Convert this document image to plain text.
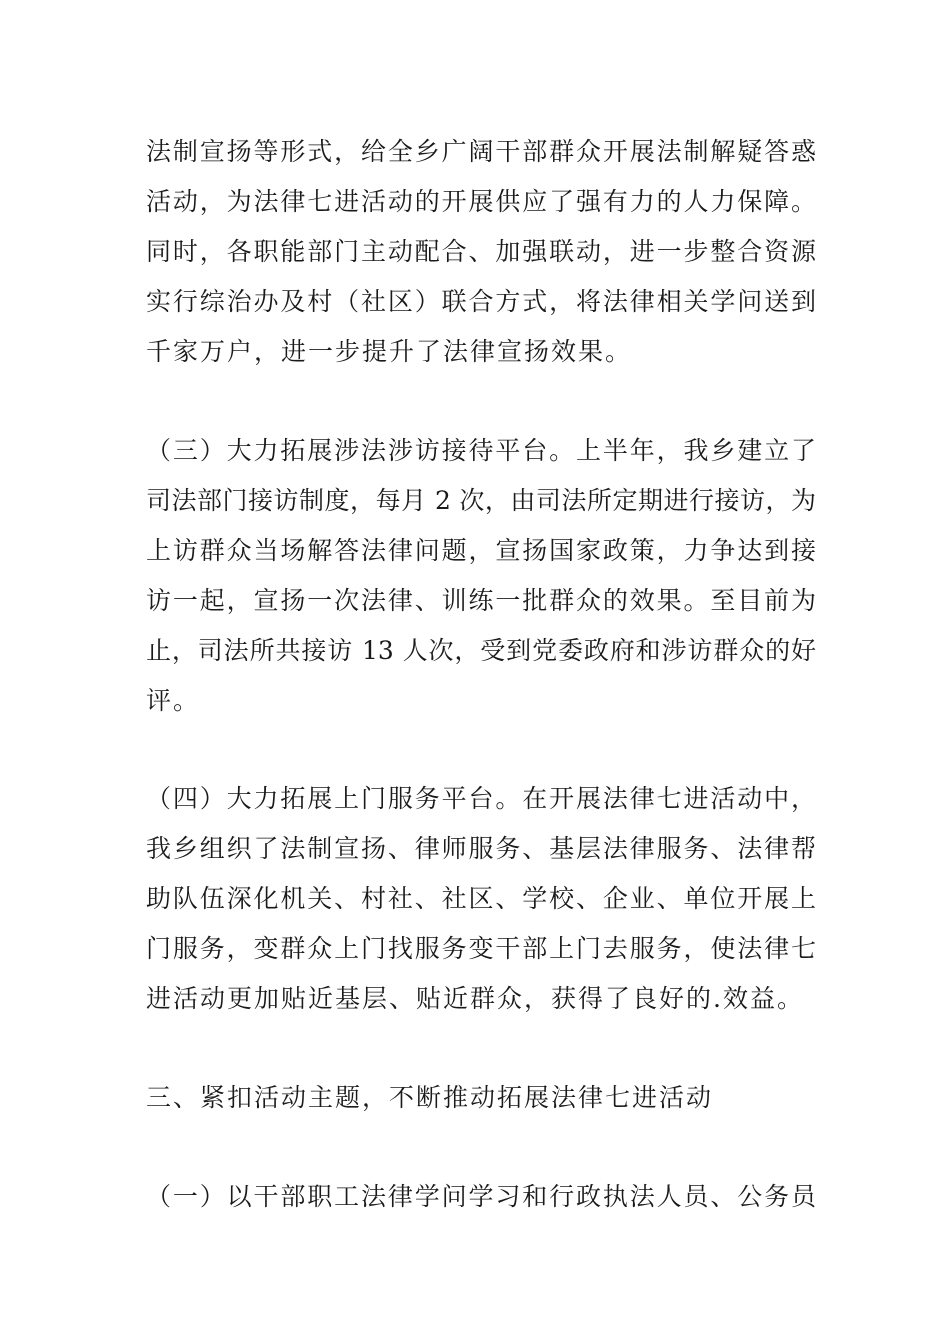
法制宣扬等形式，给全乡广阔干部群众开展法制解疑答惑
活动，为法律七进活动的开展供应了强有力的人力保障。
同时，各职能部门主动配合、加强联动，进一步整合资源
实行综治办及村（社区）联合方式，将法律相关学问送到
千家万户，进一步提升了法律宣扬效果。
（三）大力拓展涉法涉访接待平台。上半年，我乡建立了
司法部门接访制度，每月 2 次，由司法所定期进行接访，为
上访群众当场解答法律问题，宣扬国家政策，力争达到接
访一起，宣扬一次法律、训练一批群众的效果。至目前为
止，司法所共接访 13 人次，受到党委政府和涉访群众的好
评。
（四）大力拓展上门服务平台。在开展法律七进活动中，
我乡组织了法制宣扬、律师服务、基层法律服务、法律帮
助队伍深化机关、村社、社区、学校、企业、单位开展上
门服务，变群众上门找服务变干部上门去服务，使法律七
进活动更加贴近基层、贴近群众，获得了良好的.效益。
三、紧扣活动主题，不断推动拓展法律七进活动
（一）以干部职工法律学问学习和行政执法人员、公务员
